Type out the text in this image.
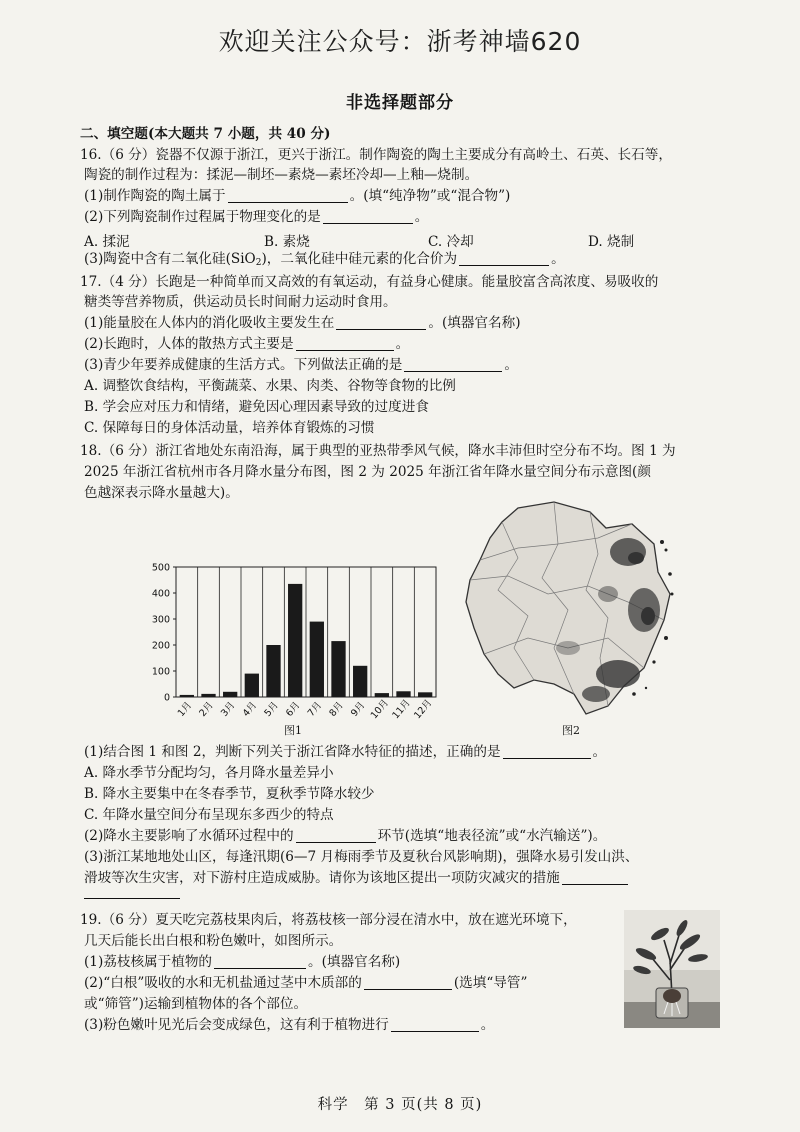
欢迎关注公众号：浙考神墙620
非选择题部分
二、填空题(本大题共 7 小题，共 40 分)
16.（6 分）瓷器不仅源于浙江，更兴于浙江。制作陶瓷的陶土主要成分有高岭土、石英、长石等，
陶瓷的制作过程为：揉泥—制坯—素烧—素坯冷却—上釉—烧制。
(1)制作陶瓷的陶土属于	。(填“纯净物”或“混合物”)
(2)下列陶瓷制作过程属于物理变化的是	。
A. 揉泥	B. 素烧	C. 冷却	D. 烧制
(3)陶瓷中含有二氧化硅(SiO$_2$)，二氧化硅中硅元素的化合价为	。
17.（4 分）长跑是一种简单而又高效的有氧运动，有益身心健康。能量胶富含高浓度、易吸收的
糖类等营养物质，供运动员长时间耐力运动时食用。
(1)能量胶在人体内的消化吸收主要发生在	。(填器官名称)
(2)长跑时，人体的散热方式主要是	。
(3)青少年要养成健康的生活方式。下列做法正确的是	。
A. 调整饮食结构，平衡蔬菜、水果、肉类、谷物等食物的比例
B. 学会应对压力和情绪，避免因心理因素导致的过度进食
C. 保障每日的身体活动量，培养体育锻炼的习惯
18.（6 分）浙江省地处东南沿海，属于典型的亚热带季风气候，降水丰沛但时空分布不均。图 1 为
2025 年浙江省杭州市各月降水量分布图，图 2 为 2025 年浙江省年降水量空间分布示意图(颜
色越深表示降水量越大)。
0
100
200
300
400
500
1月 2月 3月 4月 5月 6月 7月 8月 9月 10月 11月 12月
图1	图2
(1)结合图 1 和图 2，判断下列关于浙江省降水特征的描述，正确的是	。
A. 降水季节分配均匀，各月降水量差异小
B. 降水主要集中在冬春季节，夏秋季节降水较少
C. 年降水量空间分布呈现东多西少的特点
(2)降水主要影响了水循环过程中的	环节(选填“地表径流”或“水汽输送”)。
(3)浙江某地地处山区，每逢汛期(6—7 月梅雨季节及夏秋台风影响期)，强降水易引发山洪、
滑坡等次生灾害，对下游村庄造成威胁。请你为该地区提出一项防灾减灾的措施
19.（6 分）夏天吃完荔枝果肉后，将荔枝核一部分浸在清水中，放在遮光环境下，
几天后能长出白根和粉色嫩叶，如图所示。
(1)荔枝核属于植物的	。(填器官名称)
(2)“白根”吸收的水和无机盐通过茎中木质部的	(选填“导管”
或“筛管”)运输到植物体的各个部位。
(3)粉色嫩叶见光后会变成绿色，这有利于植物进行	。
科学　第 3 页(共 8 页)
